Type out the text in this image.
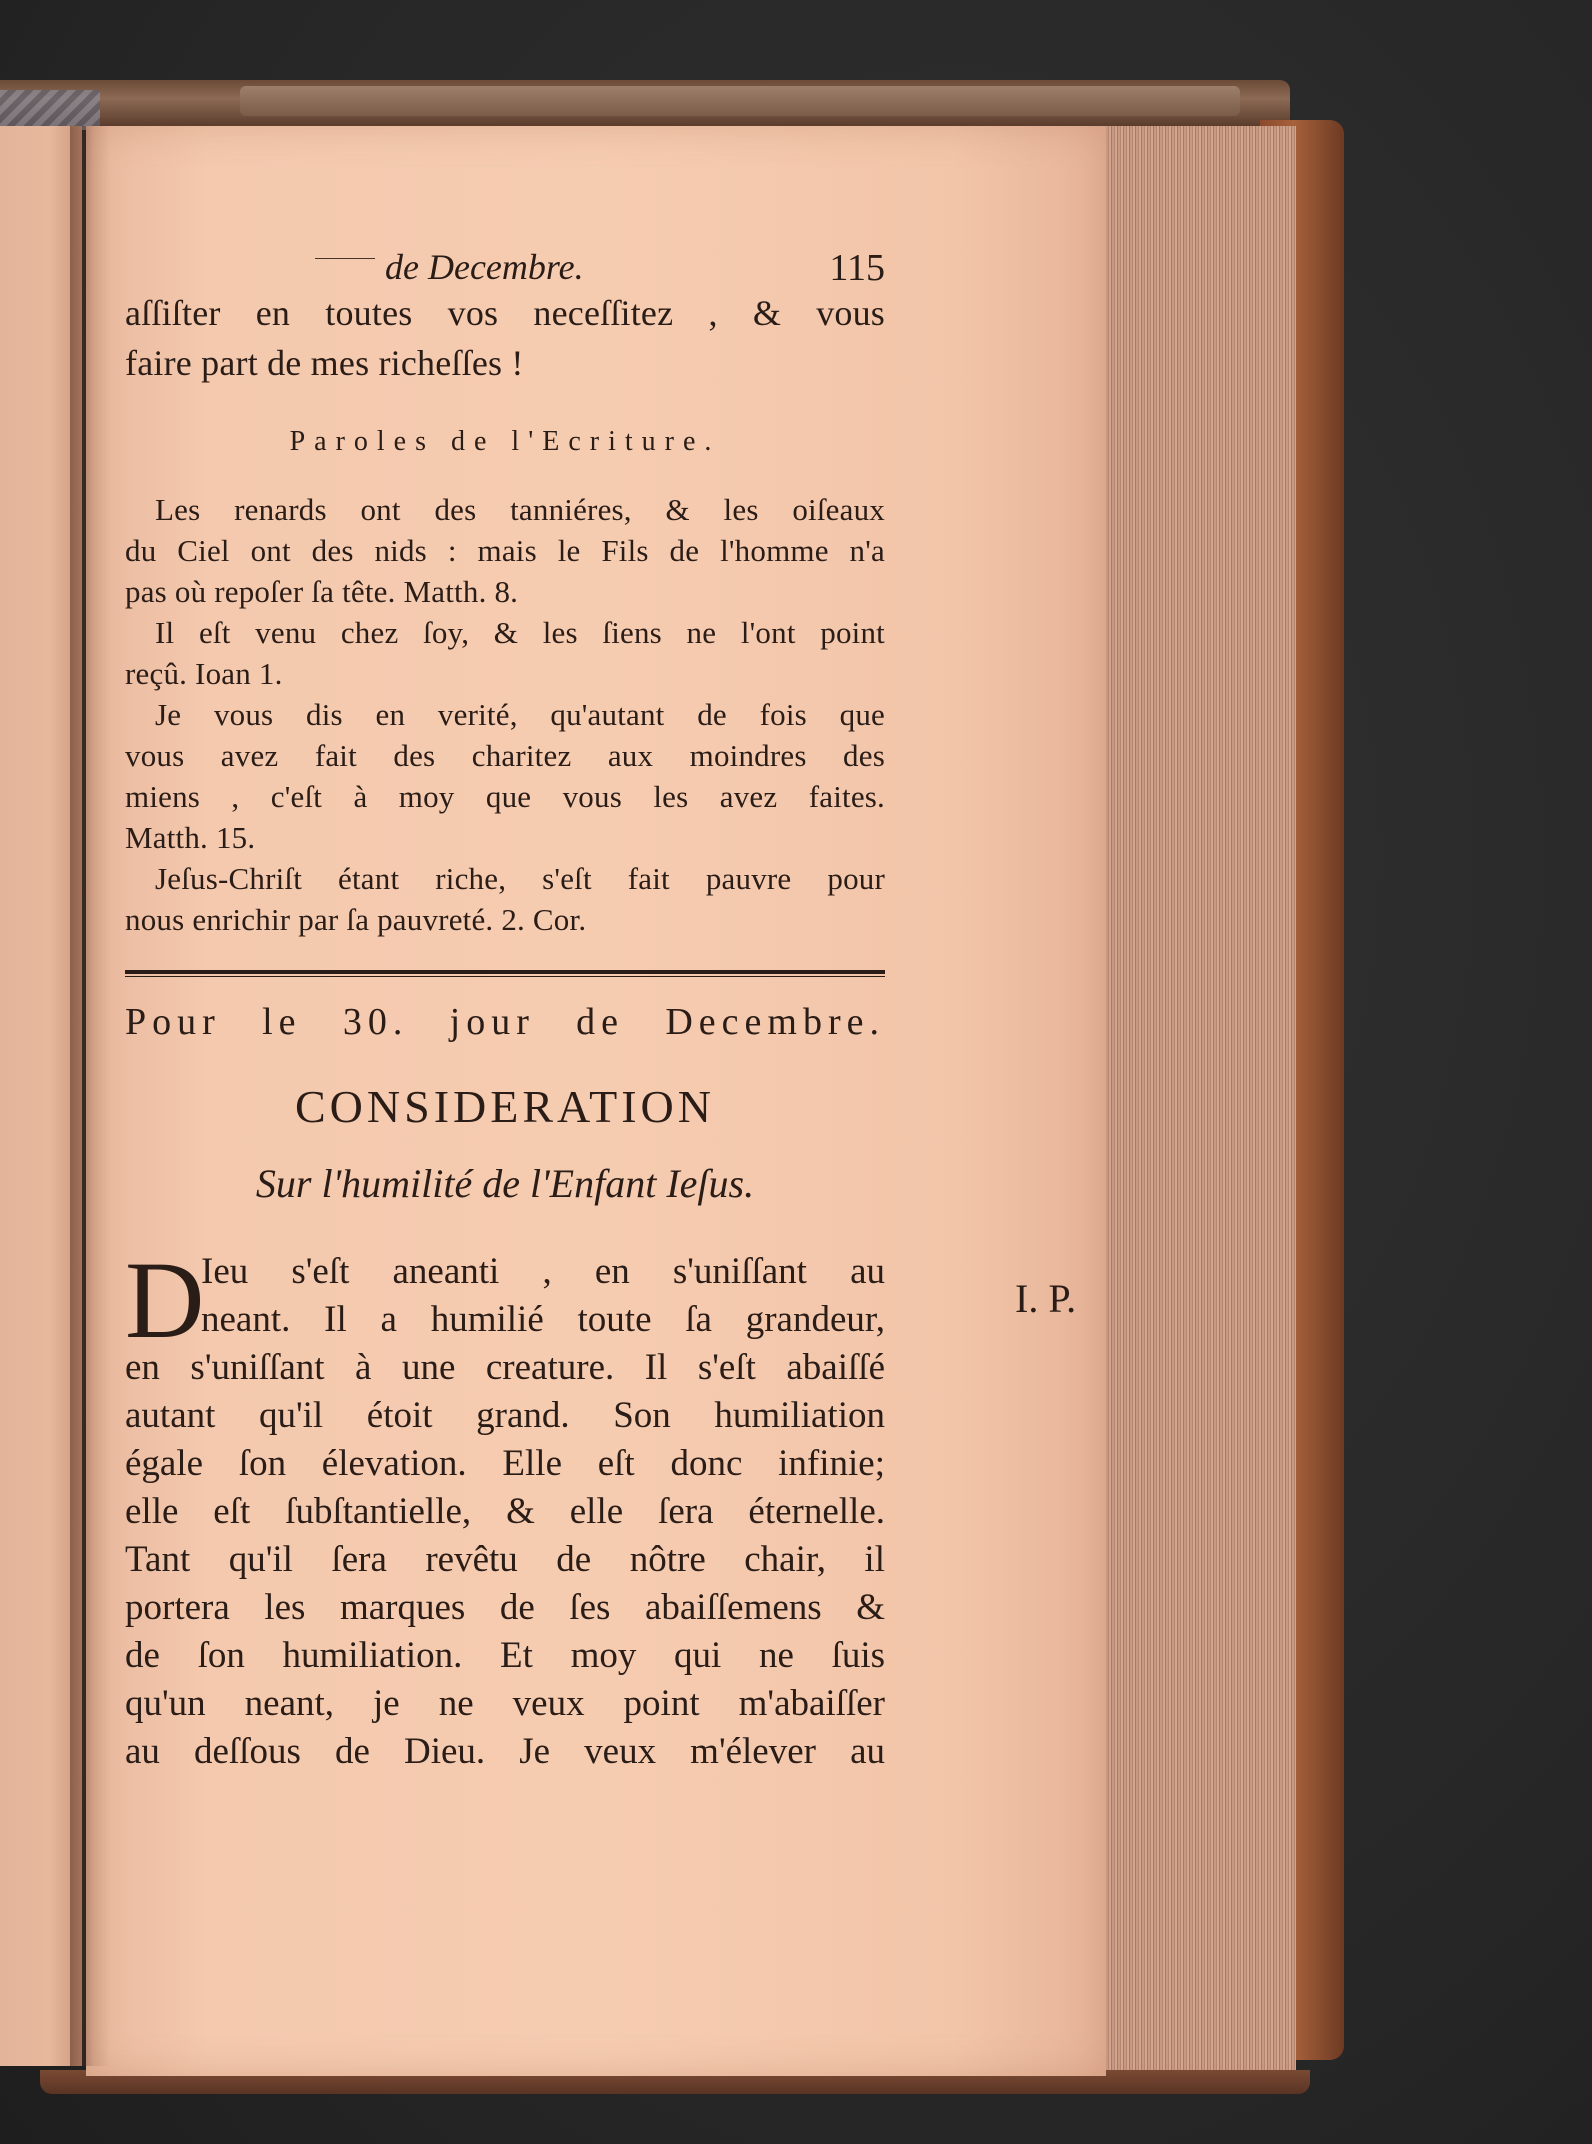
de Decembre.	115
aſſiſter en toutes vos neceſſitez , & vous
faire part de mes richeſſes !
Paroles de l'Ecriture.
Les renards ont des tanniéres, & les oiſeaux
du Ciel ont des nids : mais le Fils de l'homme n'a
pas où repoſer ſa tête. Matth. 8.
Il eſt venu chez ſoy, & les ſiens ne l'ont point
reçû. Ioan 1.
Je vous dis en verité, qu'autant de fois que
vous avez fait des charitez aux moindres des
miens , c'eſt à moy que vous les avez faites.
Matth. 15.
Jeſus-Chriſt étant riche, s'eſt fait pauvre pour
nous enrichir par ſa pauvreté. 2. Cor.
Pour le 30. jour de Decembre.
CONSIDERATION
Sur l'humilité de l'Enfant Ieſus.
D
Ieu s'eſt aneanti , en s'uniſſant au
neant. Il a humilié toute ſa grandeur,
en s'uniſſant à une creature. Il s'eſt abaiſſé
autant qu'il étoit grand. Son humiliation
égale ſon élevation. Elle eſt donc infinie;
elle eſt ſubſtantielle, & elle ſera éternelle.
Tant qu'il ſera revêtu de nôtre chair, il
portera les marques de ſes abaiſſemens &
de ſon humiliation. Et moy qui ne ſuis
qu'un neant, je ne veux point m'abaiſſer
au deſſous de Dieu. Je veux m'élever au
I. P.
